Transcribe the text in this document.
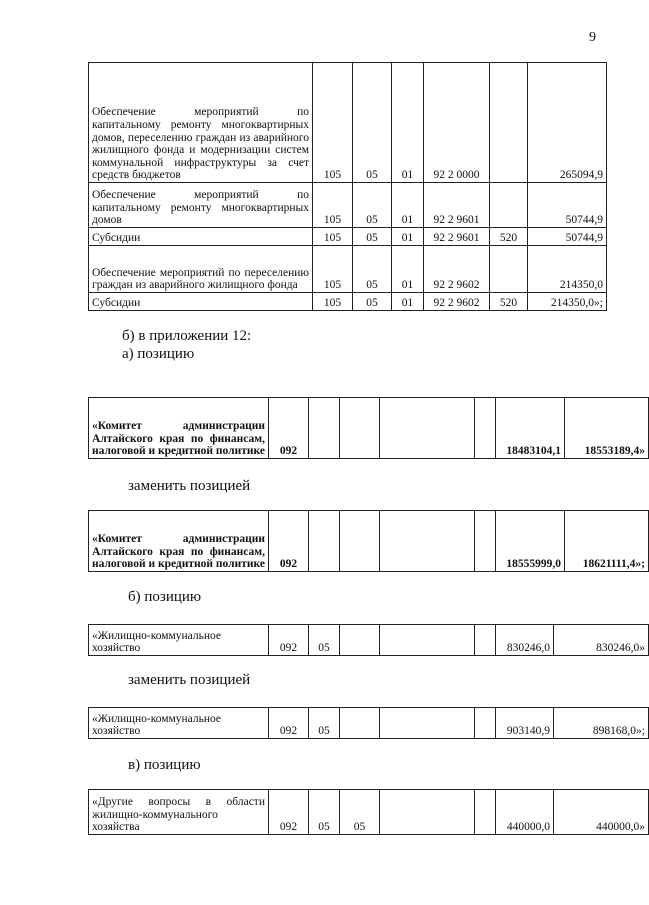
9
Обеспечение мероприятий по капитальному ремонту многоквартирных домов, переселению граждан из аварийного жилищного фонда и модернизации систем коммунальной инфраструктуры за счет средств бюджетов	105	05	01	92 2 0000		265094,9
Обеспечение мероприятий по капитальному ремонту многоквартирных домов	105	05	01	92 2 9601		50744,9
Субсидии	105	05	01	92 2 9601	520	50744,9
Обеспечение мероприятий по переселению граждан из аварийного жилищного фонда	105	05	01	92 2 9602		214350,0
Субсидии	105	05	01	92 2 9602	520	214350,0»;
б) в приложении 12:
а) позицию
«Комитет администрации Алтайского края по финансам, налоговой и кредитной политике	092					18483104,1	18553189,4»
заменить позицией
«Комитет администрации Алтайского края по финансам, налоговой и кредитной политике	092					18555999,0	18621111,4»;
б) позицию
«Жилищно-коммунальное хозяйство	092	05				830246,0	830246,0»
заменить позицией
«Жилищно-коммунальное хозяйство	092	05				903140,9	898168,0»;
в) позицию
«Другие вопросы в области жилищно-коммунального хозяйства	092	05	05			440000,0	440000,0»
